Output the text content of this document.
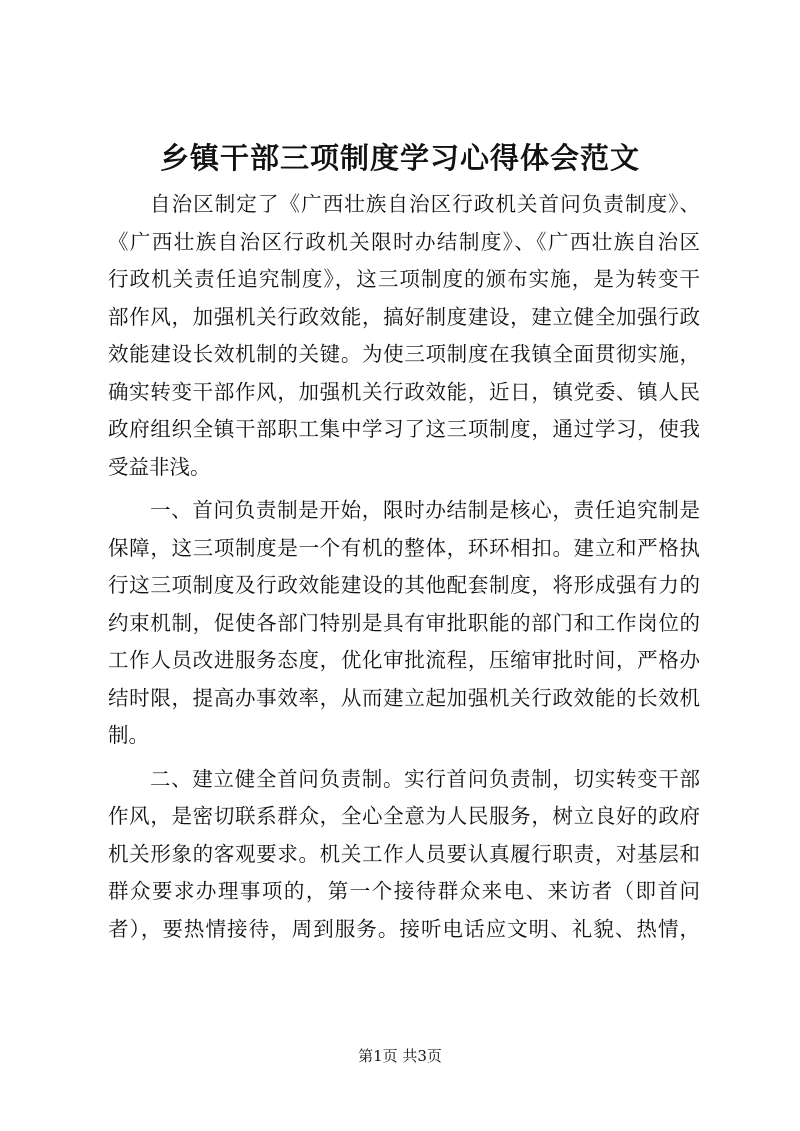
乡镇干部三项制度学习心得体会范文
自治区制定了《广西壮族自治区行政机关首问负责制度》、
《广西壮族自治区行政机关限时办结制度》、《广西壮族自治区
行政机关责任追究制度》，这三项制度的颁布实施，是为转变干
部作风，加强机关行政效能，搞好制度建设，建立健全加强行政
效能建设长效机制的关键。为使三项制度在我镇全面贯彻实施，
确实转变干部作风，加强机关行政效能，近日，镇党委、镇人民
政府组织全镇干部职工集中学习了这三项制度，通过学习，使我
受益非浅。
一、首问负责制是开始，限时办结制是核心，责任追究制是
保障，这三项制度是一个有机的整体，环环相扣。建立和严格执
行这三项制度及行政效能建设的其他配套制度，将形成强有力的
约束机制，促使各部门特别是具有审批职能的部门和工作岗位的
工作人员改进服务态度，优化审批流程，压缩审批时间，严格办
结时限，提高办事效率，从而建立起加强机关行政效能的长效机
制。
二、建立健全首问负责制。实行首问负责制，切实转变干部
作风，是密切联系群众，全心全意为人民服务，树立良好的政府
机关形象的客观要求。机关工作人员要认真履行职责，对基层和
群众要求办理事项的，第一个接待群众来电、来访者（即首问
者），要热情接待，周到服务。接听电话应文明、礼貌、热情，
第1页 共3页
